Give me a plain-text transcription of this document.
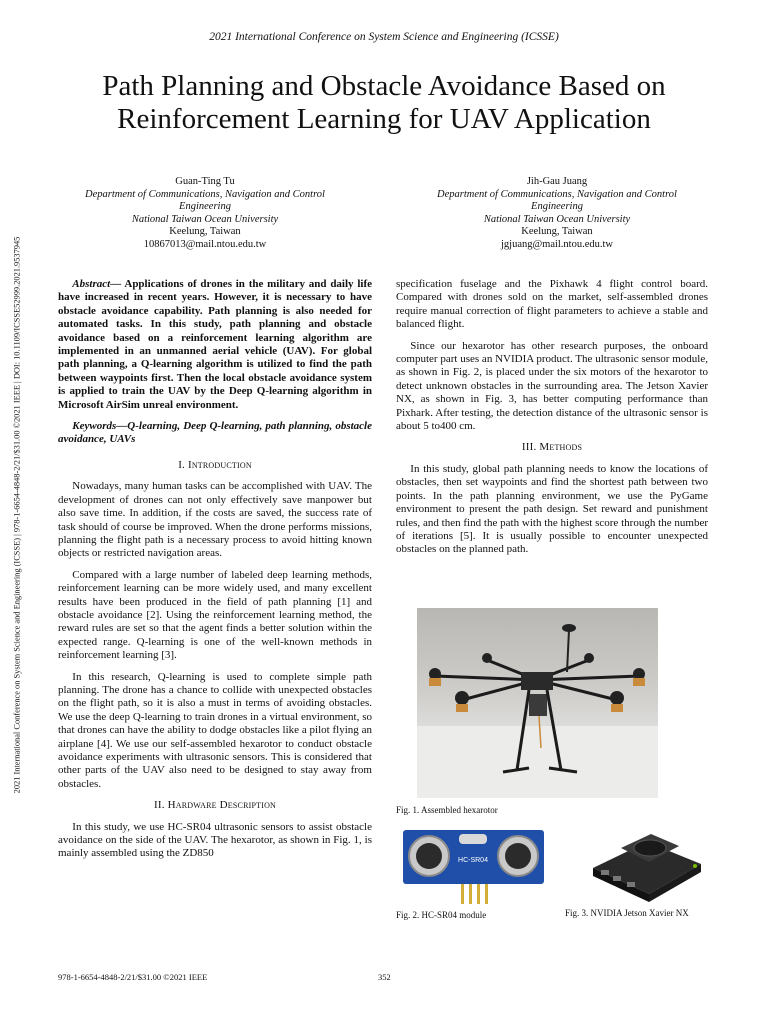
2021 International Conference on System Science and Engineering (ICSSE)
Path Planning and Obstacle Avoidance Based on
Reinforcement Learning for UAV Application
Guan-Ting Tu
Department of Communications, Navigation and Control
Engineering
National Taiwan Ocean University
Keelung, Taiwan
10867013@mail.ntou.edu.tw
Jih-Gau Juang
Department of Communications, Navigation and Control
Engineering
National Taiwan Ocean University
Keelung, Taiwan
jgjuang@mail.ntou.edu.tw
2021 International Conference on System Science and Engineering (ICSSE) | 978-1-6654-4848-2/21/$31.00 ©2021 IEEE | DOI: 10.1109/ICSSE52999.2021.9537945	Abstract— Applications of drones in the military and daily life have increased in recent years. However, it is necessary to have obstacle avoidance capability. Path planning is also needed for automated tasks. In this study, path planning and obstacle avoidance based on a reinforcement learning algorithm are implemented in an unmanned aerial vehicle (UAV). For global path planning, a Q-learning algorithm is utilized to find the path between waypoints first. Then the local obstacle avoidance system is applied to train the UAV by the Deep Q-learning algorithm in Microsoft AirSim unreal environment.
Keywords—Q-learning, Deep Q-learning, path planning, obstacle avoidance, UAVs
I. Introduction

Nowadays, many human tasks can be accomplished with UAV. The development of drones can not only effectively save manpower but also save time. In addition, if the costs are saved, the success rate of task should of course be improved. When the drone performs missions, planning the flight path is a necessary process to avoid hitting known objects or restricted navigation areas.

Compared with a large number of labeled deep learning methods, reinforcement learning can be more widely used, and many excellent results have been produced in the field of path planning [1] and obstacle avoidance [2]. Using the reinforcement learning method, the reward rules are set so that the agent finds a better solution within the expected range. Q-learning is one of the well-known methods in reinforcement learning [3].

In this research, Q-learning is used to complete simple path planning. The drone has a chance to collide with unexpected obstacles on the flight path, so it is also a must in terms of avoiding obstacles. We use the deep Q-learning to train drones in a virtual environment, so that drones can have the ability to dodge obstacles like a pilot flying an airplane [4]. We use our self-assembled hexarotor to conduct obstacle avoidance experiments with ultrasonic sensors. This is considered that other parts of the UAV also need to be designed to stay away from obstacles.

II. Hardware Description

In this study, we use HC-SR04 ultrasonic sensors to assist obstacle avoidance on the side of the UAV. The hexarotor, as shown in Fig. 1, is mainly assembled using the ZD850

specification fuselage and the Pixhawk 4 flight control board. Compared with drones sold on the market, self-assembled drones require manual correction of flight parameters to achieve a stable and balanced flight.

Since our hexarotor has other research purposes, the onboard computer part uses an NVIDIA product. The ultrasonic sensor module, as shown in Fig. 2, is placed under the six motors of the hexarotor to detect unknown obstacles in the surrounding area. The Jetson Xavier NX, as shown in Fig. 3, has better computing performance than Pixhark. After testing, the detection distance of the ultrasonic sensor is about 5 to400 cm.

III. Methods

In this study, global path planning needs to know the locations of obstacles, then set waypoints and find the shortest path between two points. In the path planning environment, we use the PyGame environment to present the path design. Set reward and punishment rules, and then find the path with the highest score through the number of iterations [5]. It is usually possible to encounter unexpected obstacles on the planned path.

Fig. 1. Assembled hexarotor
HC-SR04
Fig. 2. HC-SR04 module	Fig. 3. NVIDIA Jetson Xavier NX
978-1-6654-4848-2/21/$31.00 ©2021 IEEE	352
